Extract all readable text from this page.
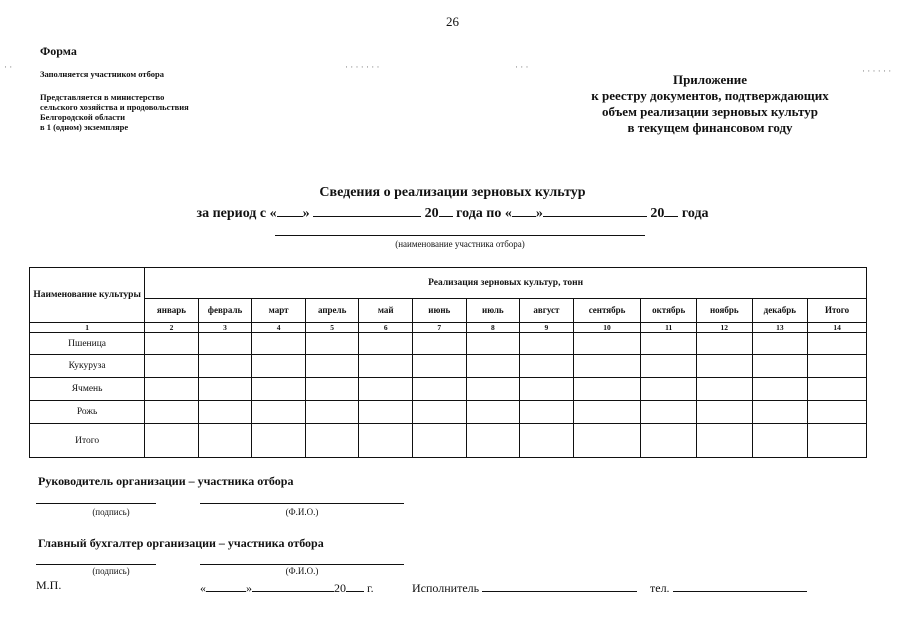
26
· ·	· · · · · · ·	· · ·	· · · · · ·
Форма
Заполняется участником отбора
Представляется в министерство
сельского хозяйства и продовольствия
Белгородской области
в 1 (одном) экземпляре
Приложение
к реестру документов, подтверждающих
объем реализации зерновых культур
в текущем финансовом году
Сведения о реализации зерновых культур
за период с « »	20 года по « »	20 года
(наименование участника отбора)
Наименование культуры	Реализация зерновых культур, тонн												
	январь	февраль	март	апрель	май	июнь	июль	август	сентябрь	октябрь	ноябрь	декабрь	Итого
1	2	3	4	5	6	7	8	9	10	11	12	13	14
Пшеница													
Кукуруза													
Ячмень													
Рожь													
Итого													
Руководитель организации – участника отбора
(подпись)	(Ф.И.О.)
Главный бухгалтер организации – участника отбора
(подпись)	(Ф.И.О.)
М.П.	«	»	20 г.	Исполнитель	тел.
